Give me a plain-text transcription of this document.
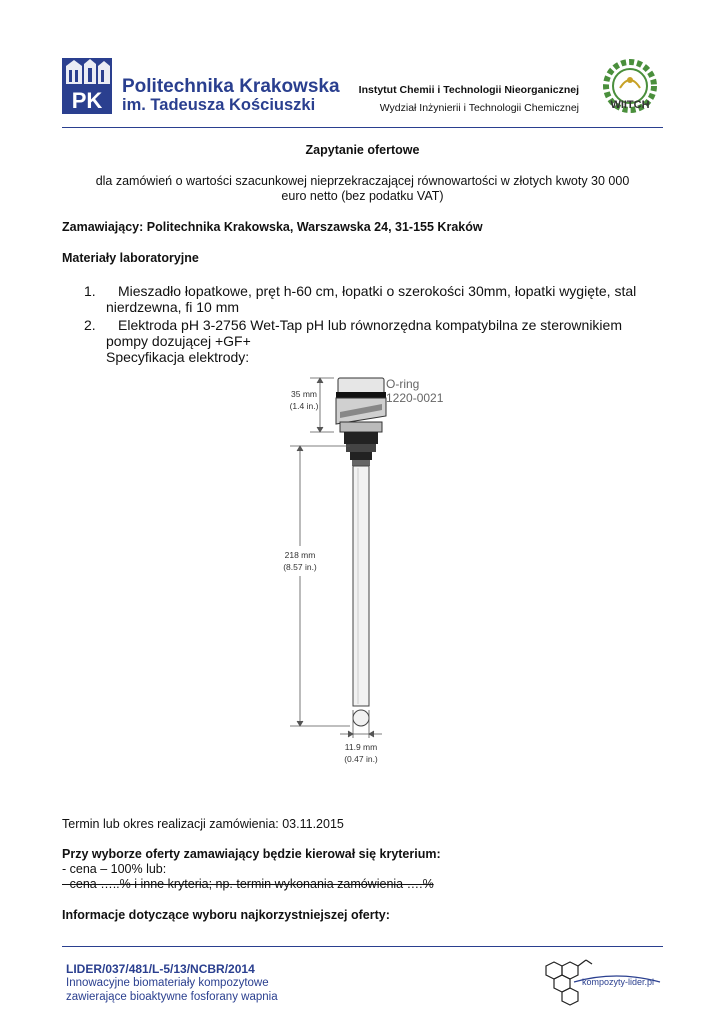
PK
Politechnika Krakowska
im. Tadeusza Kościuszki
Instytut Chemii i Technologii Nieorganicznej
Wydział Inżynierii i Technologii Chemicznej	WIITCH
Zapytanie ofertowe
dla zamówień o wartości szacunkowej nieprzekraczającej równowartości w złotych kwoty 30 000
euro netto (bez podatku VAT)
Zamawiający: Politechnika Krakowska, Warszawska 24, 31-155 Kraków
Materiały laboratoryjne
1. Mieszadło łopatkowe, pręt h-60 cm, łopatki o szerokości 30mm, łopatki wygięte, stal
nierdzewna, fi 10 mm
2. Elektroda pH 3-2756 Wet-Tap pH lub równorzędna kompatybilna ze sterownikiem
pompy dozującej +GF+
Specyfikacja elektrody:
35 mm
(1.4 in.)
218 mm
(8.57 in.)
11.9 mm
(0.47 in.)
O-ring
1220-0021
Termin lub okres realizacji zamówienia: 03.11.2015
Przy wyborze oferty zamawiający będzie kierował się kryterium:
- cena – 100% lub:
- cena …..% i inne kryteria; np. termin wykonania zamówienia ….%
Informacje dotyczące wyboru najkorzystniejszej oferty:
LIDER/037/481/L-5/13/NCBR/2014
Innowacyjne biomateriały kompozytowe
zawierające bioaktywne fosforany wapnia
kompozyty-lider.pl
